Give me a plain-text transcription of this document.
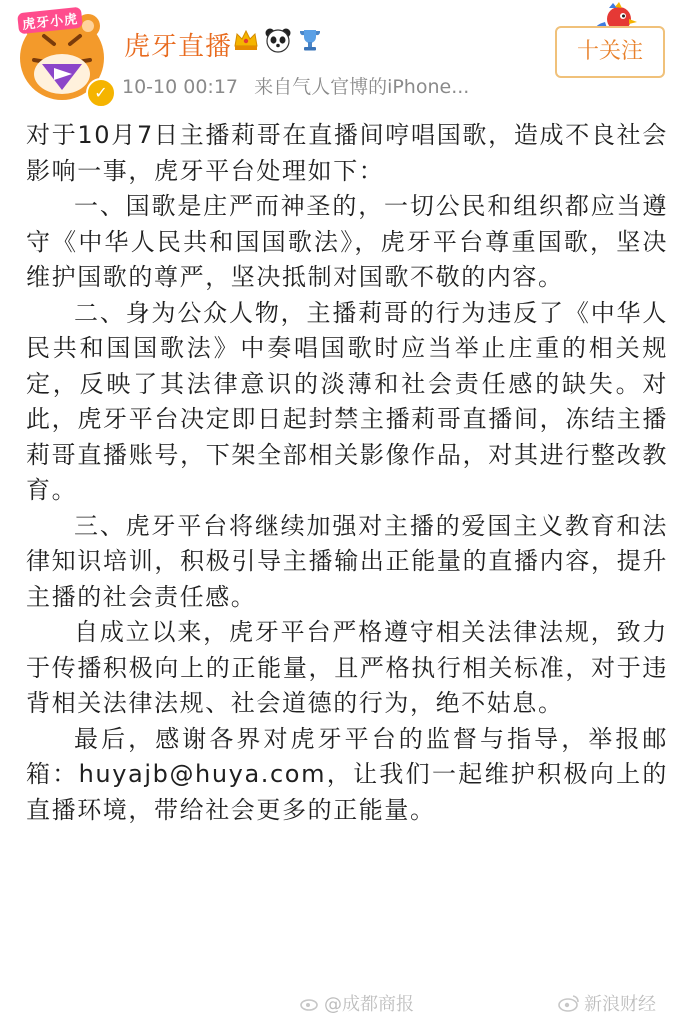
虎牙小虎
✓
虎牙直播
10-10 00:17 来自气人官博的iPhone...
十关注

对于10月7日主播莉哥在直播间哼唱国歌，造成不良社会影响一事，虎牙平台处理如下：

一、国歌是庄严而神圣的，一切公民和组织都应当遵守《中华人民共和国国歌法》，虎牙平台尊重国歌，坚决维护国歌的尊严，坚决抵制对国歌不敬的内容。

二、身为公众人物，主播莉哥的行为违反了《中华人民共和国国歌法》中奏唱国歌时应当举止庄重的相关规定，反映了其法律意识的淡薄和社会责任感的缺失。对此，虎牙平台决定即日起封禁主播莉哥直播间，冻结主播莉哥直播账号，下架全部相关影像作品，对其进行整改教育。

三、虎牙平台将继续加强对主播的爱国主义教育和法律知识培训，积极引导主播输出正能量的直播内容，提升主播的社会责任感。

自成立以来，虎牙平台严格遵守相关法律法规，致力于传播积极向上的正能量，且严格执行相关标准，对于违背相关法律法规、社会道德的行为，绝不姑息。

最后，感谢各界对虎牙平台的监督与指导，举报邮箱：huyajb@huya.com，让我们一起维护积极向上的直播环境，带给社会更多的正能量。

@成都商报	新浪财经
